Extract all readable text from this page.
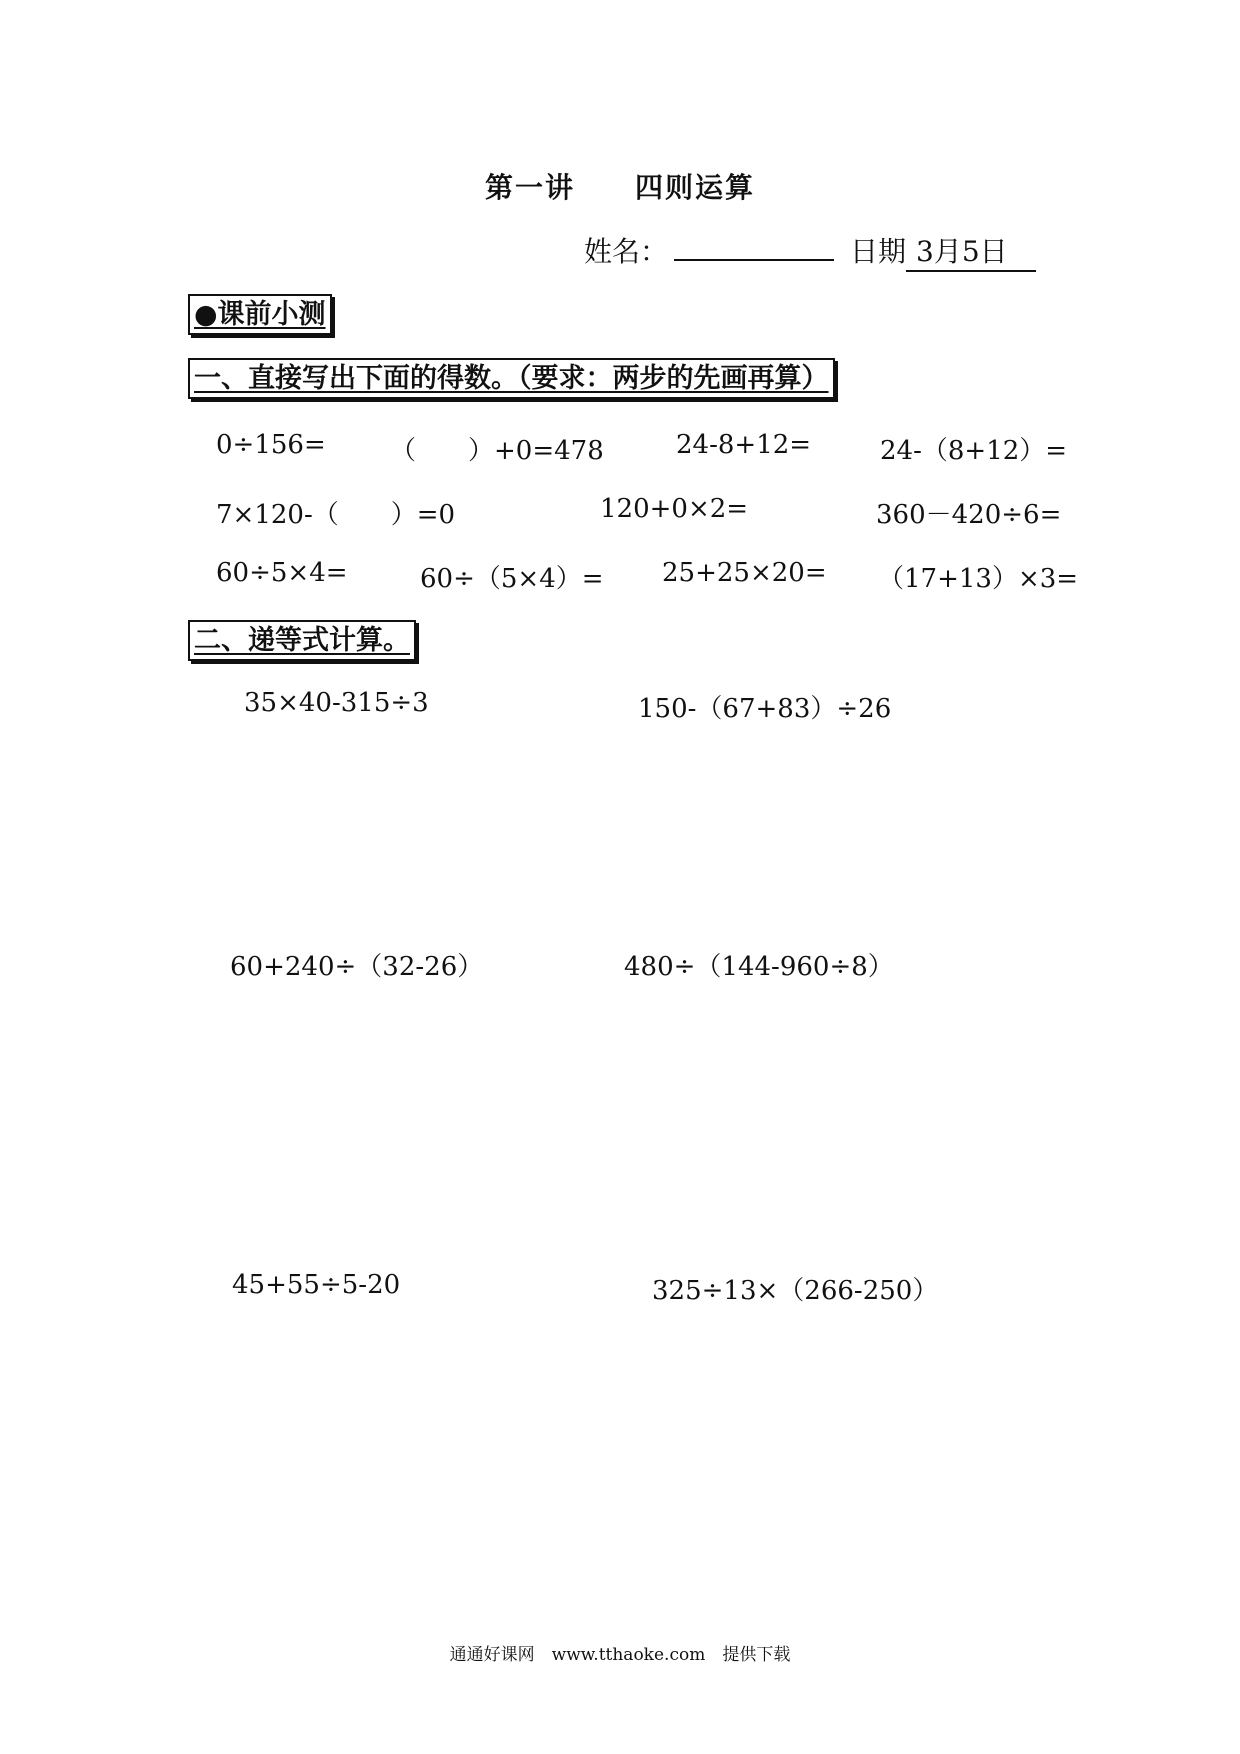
第一讲　　四则运算
姓名：	日期 3月5日
●课前小测
一、直接写出下面的得数。（要求：两步的先画再算）
0÷156= （　　）+0=478	24-8+12=	24-（8+12）=
7×120-（　　）=0	120+0×2=	360－420÷6=
60÷5×4=	60÷（5×4）= 25+25×20= （17+13）×3=
二、递等式计算。
35×40-315÷3	150-（67+83）÷26
60+240÷（32-26）	480÷（144-960÷8）
45+55÷5-20	325÷13×（266-250）
通通好课网　www.tthaoke.com　提供下载
